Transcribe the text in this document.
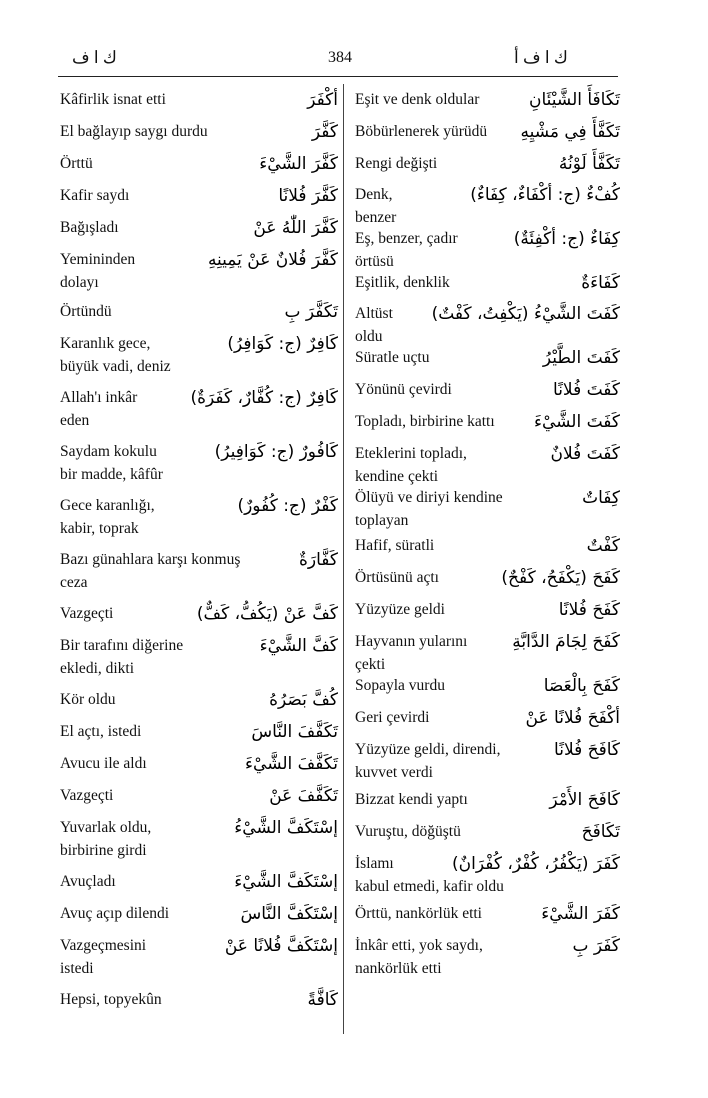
ك ا ف	384	ك ا ف أ
Kâfirlik isnat etti	أكْفَرَ
El bağlayıp saygı durdu	كَفَّرَ
Örttü	كَفَّرَ الشَّيْءَ
Kafir saydı	كَفَّرَ فُلانًا
Bağışladı	كَفَّرَ اللّٰهُ عَنْ
Yemininden
dolayı
كَفَّرَ فُلانٌ عَنْ يَمِينِهِ
Örtündü	تَكَفَّرَ بِ
Karanlık gece,
büyük vadi, deniz
كَافِرٌ (ج: كَوَافِرُ)
Allah'ı inkâr
eden
كَافِرٌ (ج: كُفَّارٌ، كَفَرَةٌ)
Saydam kokulu
bir madde, kâfûr
كَافُورٌ (ج: كَوَافِيرُ)
Gece karanlığı,
kabir, toprak
كَفْرٌ (ج: كُفُورٌ)
Bazı günahlara karşı konmuş
ceza
كَفَّارَةٌ
Vazgeçti	كَفَّ عَنْ (يَكُفُّ، كَفٌّ)
Bir tarafını diğerine
ekledi, dikti
كَفَّ الشَّيْءَ
Kör oldu	كُفَّ بَصَرُهُ
El açtı, istedi	تَكَفَّفَ النَّاسَ
Avucu ile aldı	تَكَفَّفَ الشَّيْءَ
Vazgeçti	تَكَفَّفَ عَنْ
Yuvarlak oldu,
birbirine girdi
إسْتَكَفَّ الشَّيْءُ
Avuçladı	إسْتَكَفَّ الشَّيْءَ
Avuç açıp dilendi	إسْتَكَفَّ النَّاسَ
Vazgeçmesini
istedi
إسْتَكَفَّ فُلانًا عَنْ
Hepsi, topyekûn	كَافَّةً
Eşit ve denk oldular	تَكَافَأَ الشَّيْئَانِ
Böbürlenerek yürüdü تَكَفَّأَ فِي مَشْيِهِ
Rengi değişti	تَكَفَّأَ لَوْنُهُ
Denk,
benzer
كُفْءٌ (ج: أكْفَاءٌ، كِفَاءٌ)
Eş, benzer, çadır
örtüsü
كِفَاءٌ (ج: أكْفِئَةٌ)
Eşitlik, denklik	كَفَاءَةٌ
Altüst
oldu
كَفَتَ الشَّيْءُ (يَكْفِتُ، كَفْتٌ)
Süratle uçtu	كَفَتَ الطَّيْرُ
Yönünü çevirdi	كَفَتَ فُلانًا
Topladı, birbirine kattı كَفَتَ الشَّيْءَ
Eteklerini topladı,
kendine çekti
كَفَتَ فُلانٌ
Ölüyü ve diriyi kendine
toplayan
كِفَاتٌ
Hafif, süratli	كَفْتٌ
Örtüsünü açtı	كَفَحَ (يَكْفَحُ، كَفْحٌ)
Yüzyüze geldi	كَفَحَ فُلانًا
Hayvanın yularını
çekti
كَفَحَ لِجَامَ الدَّابَّةِ
Sopayla vurdu	كَفَحَ بِالْعَصَا
Geri çevirdi	أكْفَحَ فُلانًا عَنْ
Yüzyüze geldi, direndi,
kuvvet verdi
كَافَحَ فُلانًا
Bizzat kendi yaptı	كَافَحَ الأَمْرَ
Vuruştu, döğüştü	تَكَافَحَ
İslamı
kabul etmedi, kafir oldu
كَفَرَ (يَكْفُرُ، كُفْرٌ، كُفْرَانٌ)
Örttü, nankörlük etti	كَفَرَ الشَّيْءَ
İnkâr etti, yok saydı,
nankörlük etti
كَفَرَ بِ
